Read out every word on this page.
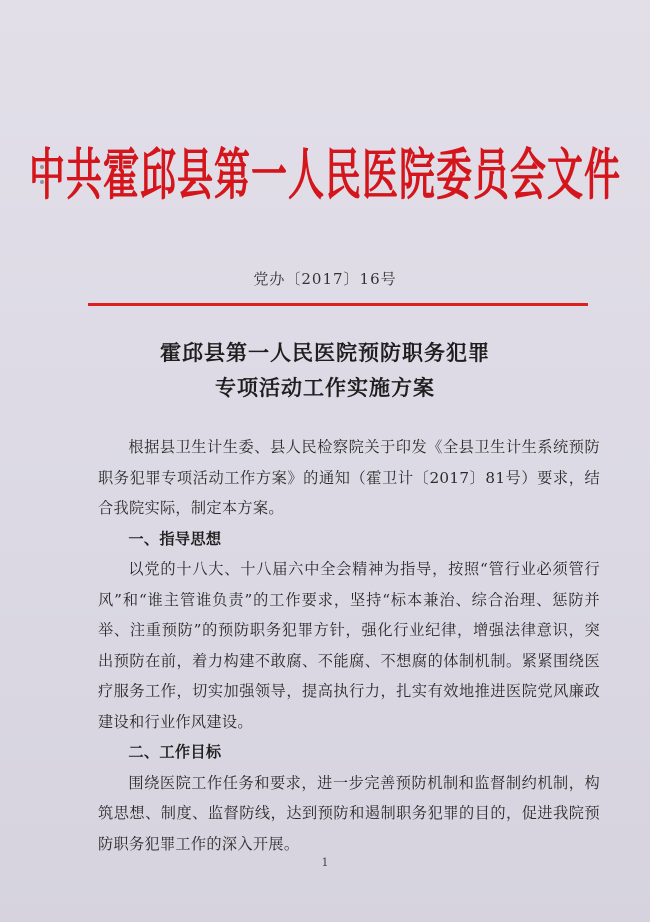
中共霍邱县第一人民医院委员会文件
党办〔2017〕16号
霍邱县第一人民医院预防职务犯罪
专项活动工作实施方案

根据县卫生计生委、县人民检察院关于印发《全县卫生计生系统预防职务犯罪专项活动工作方案》的通知（霍卫计〔2017〕81号）要求，结合我院实际，制定本方案。

一、指导思想

以党的十八大、十八届六中全会精神为指导，按照“管行业必须管行风”和“谁主管谁负责”的工作要求，坚持“标本兼治、综合治理、惩防并举、注重预防”的预防职务犯罪方针，强化行业纪律，增强法律意识，突出预防在前，着力构建不敢腐、不能腐、不想腐的体制机制。紧紧围绕医疗服务工作，切实加强领导，提高执行力，扎实有效地推进医院党风廉政建设和行业作风建设。

二、工作目标

围绕医院工作任务和要求，进一步完善预防机制和监督制约机制，构筑思想、制度、监督防线，达到预防和遏制职务犯罪的目的，促进我院预防职务犯罪工作的深入开展。

1
